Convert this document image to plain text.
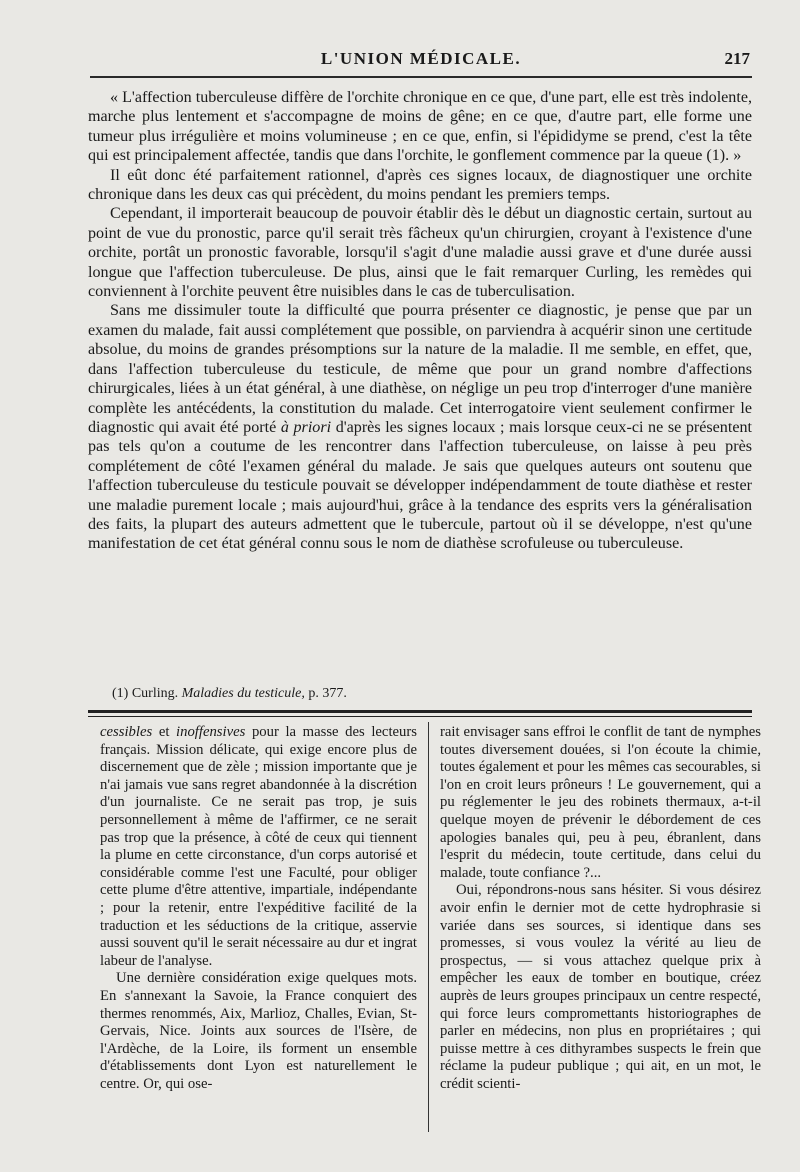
L'UNION MÉDICALE.	217

« L'affection tuberculeuse diffère de l'orchite chronique en ce que, d'une part, elle est très indolente, marche plus lentement et s'accompagne de moins de gêne; en ce que, d'autre part, elle forme une tumeur plus irrégulière et moins volumineuse ; en ce que, enfin, si l'épididyme se prend, c'est la tête qui est principalement affectée, tandis que dans l'orchite, le gonflement commence par la queue (1). »

Il eût donc été parfaitement rationnel, d'après ces signes locaux, de diagnostiquer une orchite chronique dans les deux cas qui précèdent, du moins pendant les premiers temps.

Cependant, il importerait beaucoup de pouvoir établir dès le début un diagnostic certain, surtout au point de vue du pronostic, parce qu'il serait très fâcheux qu'un chirurgien, croyant à l'existence d'une orchite, portât un pronostic favorable, lorsqu'il s'agit d'une maladie aussi grave et d'une durée aussi longue que l'affection tuberculeuse. De plus, ainsi que le fait remarquer Curling, les remèdes qui conviennent à l'orchite peuvent être nuisibles dans le cas de tuberculisation.

Sans me dissimuler toute la difficulté que pourra présenter ce diagnostic, je pense que par un examen du malade, fait aussi complétement que possible, on parviendra à acquérir sinon une certitude absolue, du moins de grandes présomptions sur la nature de la maladie. Il me semble, en effet, que, dans l'affection tuberculeuse du testicule, de même que pour un grand nombre d'affections chirurgicales, liées à un état général, à une diathèse, on néglige un peu trop d'interroger d'une manière complète les antécédents, la constitution du malade. Cet interrogatoire vient seulement confirmer le diagnostic qui avait été porté à priori d'après les signes locaux ; mais lorsque ceux-ci ne se présentent pas tels qu'on a coutume de les rencontrer dans l'affection tuberculeuse, on laisse à peu près complétement de côté l'examen général du malade. Je sais que quelques auteurs ont soutenu que l'affection tuberculeuse du testicule pouvait se développer indépendamment de toute diathèse et rester une maladie purement locale ; mais aujourd'hui, grâce à la tendance des esprits vers la généralisation des faits, la plupart des auteurs admettent que le tubercule, partout où il se développe, n'est qu'une manifestation de cet état général connu sous le nom de diathèse scrofuleuse ou tuberculeuse.

(1) Curling. Maladies du testicule, p. 377.

cessibles et inoffensives pour la masse des lecteurs français. Mission délicate, qui exige encore plus de discernement que de zèle ; mission importante que je n'ai jamais vue sans regret abandonnée à la discrétion d'un journaliste. Ce ne serait pas trop, je suis personnellement à même de l'affirmer, ce ne serait pas trop que la présence, à côté de ceux qui tiennent la plume en cette circonstance, d'un corps autorisé et considérable comme l'est une Faculté, pour obliger cette plume d'être attentive, impartiale, indépendante ; pour la retenir, entre l'expéditive facilité de la traduction et les séductions de la critique, asservie aussi souvent qu'il le serait nécessaire au dur et ingrat labeur de l'analyse.

Une dernière considération exige quelques mots. En s'annexant la Savoie, la France conquiert des thermes renommés, Aix, Marlioz, Challes, Evian, St-Gervais, Nice. Joints aux sources de l'Isère, de l'Ardèche, de la Loire, ils forment un ensemble d'établissements dont Lyon est naturellement le centre. Or, qui ose-

rait envisager sans effroi le conflit de tant de nymphes toutes diversement douées, si l'on écoute la chimie, toutes également et pour les mêmes cas secourables, si l'on en croit leurs prôneurs ! Le gouvernement, qui a pu réglementer le jeu des robinets thermaux, a-t-il quelque moyen de prévenir le débordement de ces apologies banales qui, peu à peu, ébranlent, dans l'esprit du médecin, toute certitude, dans celui du malade, toute confiance ?...

Oui, répondrons-nous sans hésiter. Si vous désirez avoir enfin le dernier mot de cette hydrophrasie si variée dans ses sources, si identique dans ses promesses, si vous voulez la vérité au lieu de prospectus, — si vous attachez quelque prix à empêcher les eaux de tomber en boutique, créez auprès de leurs groupes principaux un centre respecté, qui force leurs compromettants historiographes de parler en médecins, non plus en propriétaires ; qui puisse mettre à ces dithyrambes suspects le frein que réclame la pudeur publique ; qui ait, en un mot, le crédit scienti-
